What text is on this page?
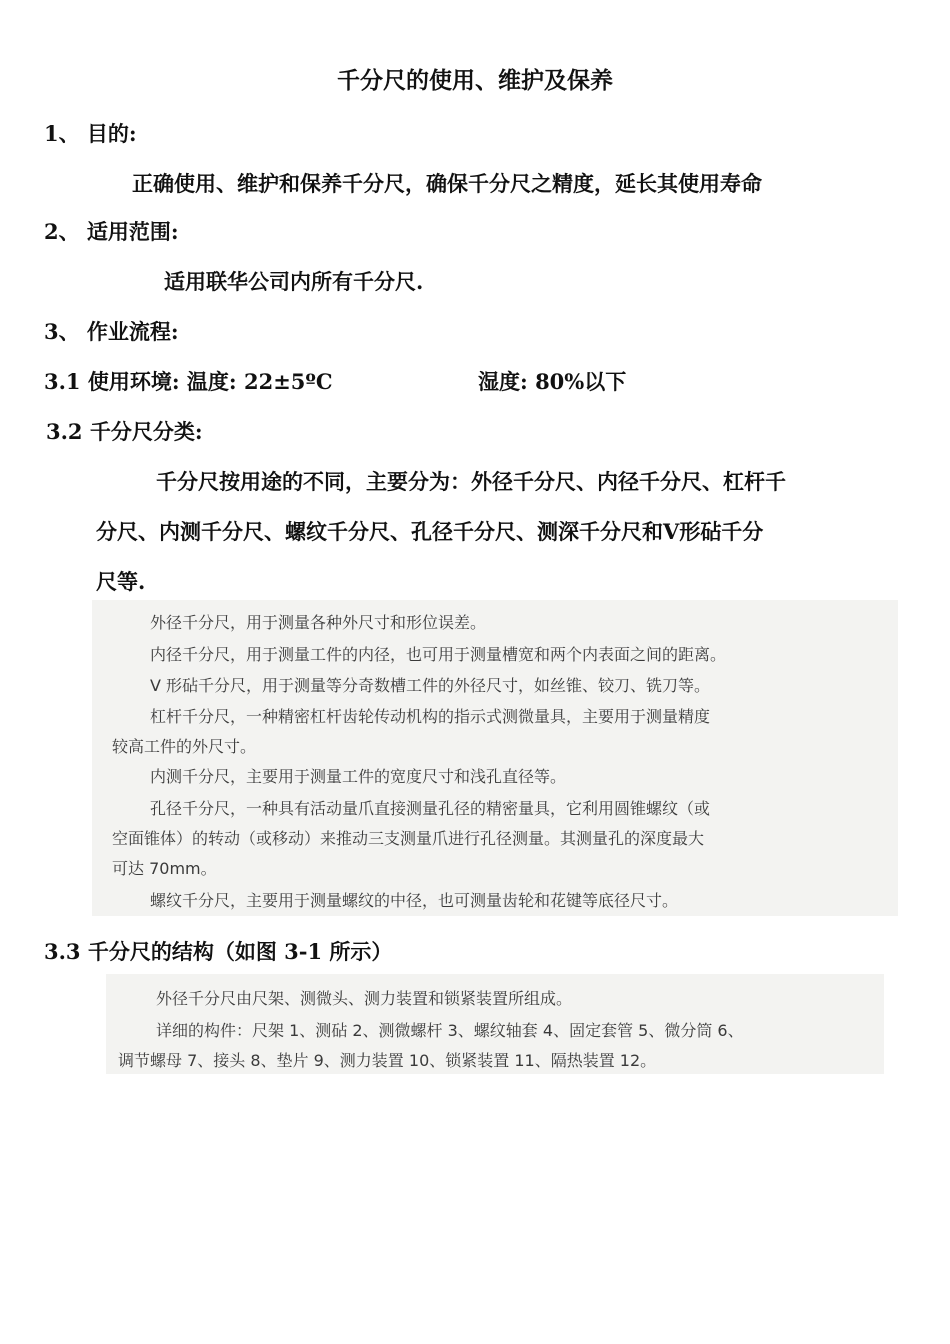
千分尺的使用、维护及保养
1、 目的:
正确使用、维护和保养千分尺，确保千分尺之精度，延长其使用寿命
2、 适用范围:
适用联华公司内所有千分尺.
3、 作业流程:
3.1 使用环境: 温度: 22±5ºC	湿度: 80%以下
3.2 千分尺分类:
千分尺按用途的不同，主要分为：外径千分尺、内径千分尺、杠杆千
分尺、内测千分尺、螺纹千分尺、孔径千分尺、测深千分尺和V形砧千分
尺等.
外径千分尺，用于测量各种外尺寸和形位误差。
内径千分尺，用于测量工件的内径，也可用于测量槽宽和两个内表面之间的距离。
V 形砧千分尺，用于测量等分奇数槽工件的外径尺寸，如丝锥、铰刀、铣刀等。
杠杆千分尺，一种精密杠杆齿轮传动机构的指示式测微量具，主要用于测量精度
较高工件的外尺寸。
内测千分尺，主要用于测量工件的宽度尺寸和浅孔直径等。
孔径千分尺，一种具有活动量爪直接测量孔径的精密量具，它利用圆锥螺纹（或
空面锥体）的转动（或移动）来推动三支测量爪进行孔径测量。其测量孔的深度最大
可达 70mm。
螺纹千分尺，主要用于测量螺纹的中径，也可测量齿轮和花键等底径尺寸。
3.3 千分尺的结构（如图 3-1 所示）
外径千分尺由尺架、测微头、测力装置和锁紧装置所组成。
详细的构件：尺架 1、测砧 2、测微螺杆 3、螺纹轴套 4、固定套管 5、微分筒 6、
调节螺母 7、接头 8、垫片 9、测力装置 10、锁紧装置 11、隔热装置 12。
